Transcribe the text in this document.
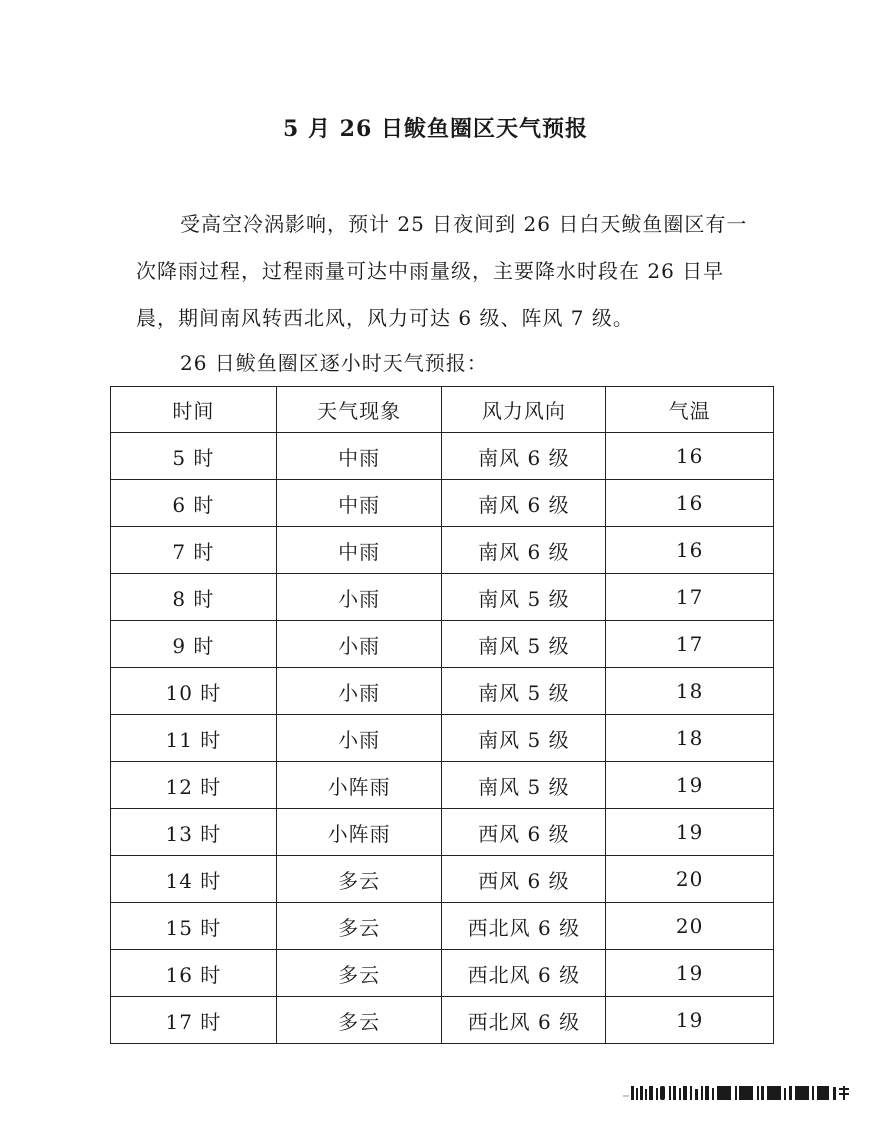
5 月 26 日鲅鱼圈区天气预报
受高空冷涡影响，预计 25 日夜间到 26 日白天鲅鱼圈区有一次降雨过程，过程雨量可达中雨量级，主要降水时段在 26 日早晨，期间南风转西北风，风力可达 6 级、阵风 7 级。
26 日鲅鱼圈区逐小时天气预报：
时间	天气现象	风力风向	气温
5 时	中雨	南风 6 级	16
6 时	中雨	南风 6 级	16
7 时	中雨	南风 6 级	16
8 时	小雨	南风 5 级	17
9 时	小雨	南风 5 级	17
10 时	小雨	南风 5 级	18
11 时	小雨	南风 5 级	18
12 时	小阵雨	南风 5 级	19
13 时	小阵雨	西风 6 级	19
14 时	多云	西风 6 级	20
15 时	多云	西北风 6 级	20
16 时	多云	西北风 6 级	19
17 时	多云	西北风 6 级	19
